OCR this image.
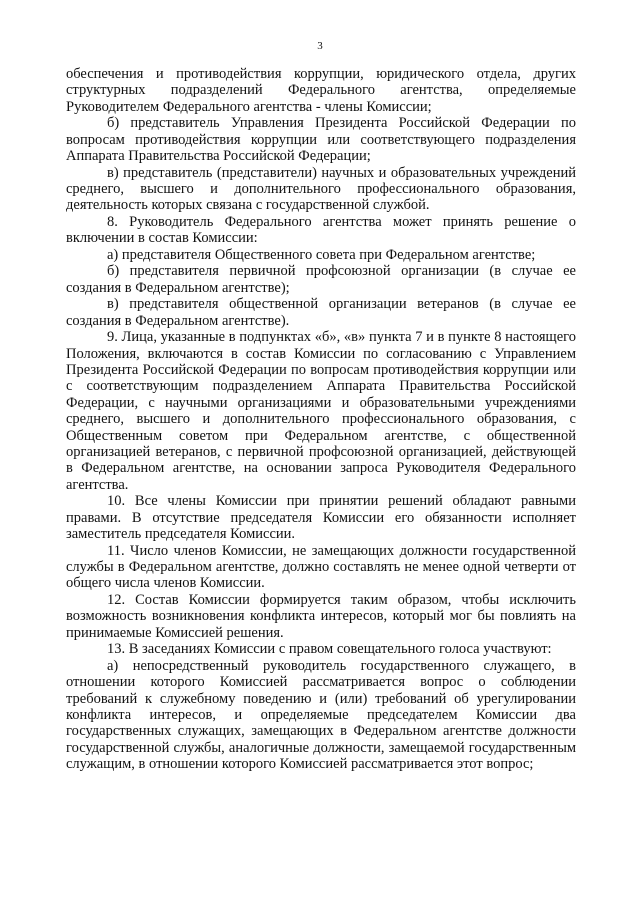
3

обеспечения и противодействия коррупции, юридического отдела, других структурных подразделений Федерального агентства, определяемые Руководителем Федерального агентства - члены Комиссии;

б) представитель Управления Президента Российской Федерации по вопросам противодействия коррупции или соответствующего подразделения Аппарата Правительства Российской Федерации;

в) представитель (представители) научных и образовательных учреждений среднего, высшего и дополнительного профессионального образования, деятельность которых связана с государственной службой.

8. Руководитель Федерального агентства может принять решение о включении в состав Комиссии:

а) представителя Общественного совета при Федеральном агентстве;

б) представителя первичной профсоюзной организации (в случае ее создания в Федеральном агентстве);

в) представителя общественной организации ветеранов (в случае ее создания в Федеральном агентстве).

9. Лица, указанные в подпунктах «б», «в» пункта 7 и в пункте 8 настоящего Положения, включаются в состав Комиссии по согласованию с Управлением Президента Российской Федерации по вопросам противодействия коррупции или с соответствующим подразделением Аппарата Правительства Российской Федерации, с научными организациями и образовательными учреждениями среднего, высшего и дополнительного профессионального образования, с Общественным советом при Федеральном агентстве, с общественной организацией ветеранов, с первичной профсоюзной организацией, действующей в Федеральном агентстве, на основании запроса Руководителя Федерального агентства.

10. Все члены Комиссии при принятии решений обладают равными правами. В отсутствие председателя Комиссии его обязанности исполняет заместитель председателя Комиссии.

11. Число членов Комиссии, не замещающих должности государственной службы в Федеральном агентстве, должно составлять не менее одной четверти от общего числа членов Комиссии.

12. Состав Комиссии формируется таким образом, чтобы исключить возможность возникновения конфликта интересов, который мог бы повлиять на принимаемые Комиссией решения.

13. В заседаниях Комиссии с правом совещательного голоса участвуют:

а) непосредственный руководитель государственного служащего, в отношении которого Комиссией рассматривается вопрос о соблюдении требований к служебному поведению и (или) требований об урегулировании конфликта интересов, и определяемые председателем Комиссии два государственных служащих, замещающих в Федеральном агентстве должности государственной службы, аналогичные должности, замещаемой государственным служащим, в отношении которого Комиссией рассматривается этот вопрос;
